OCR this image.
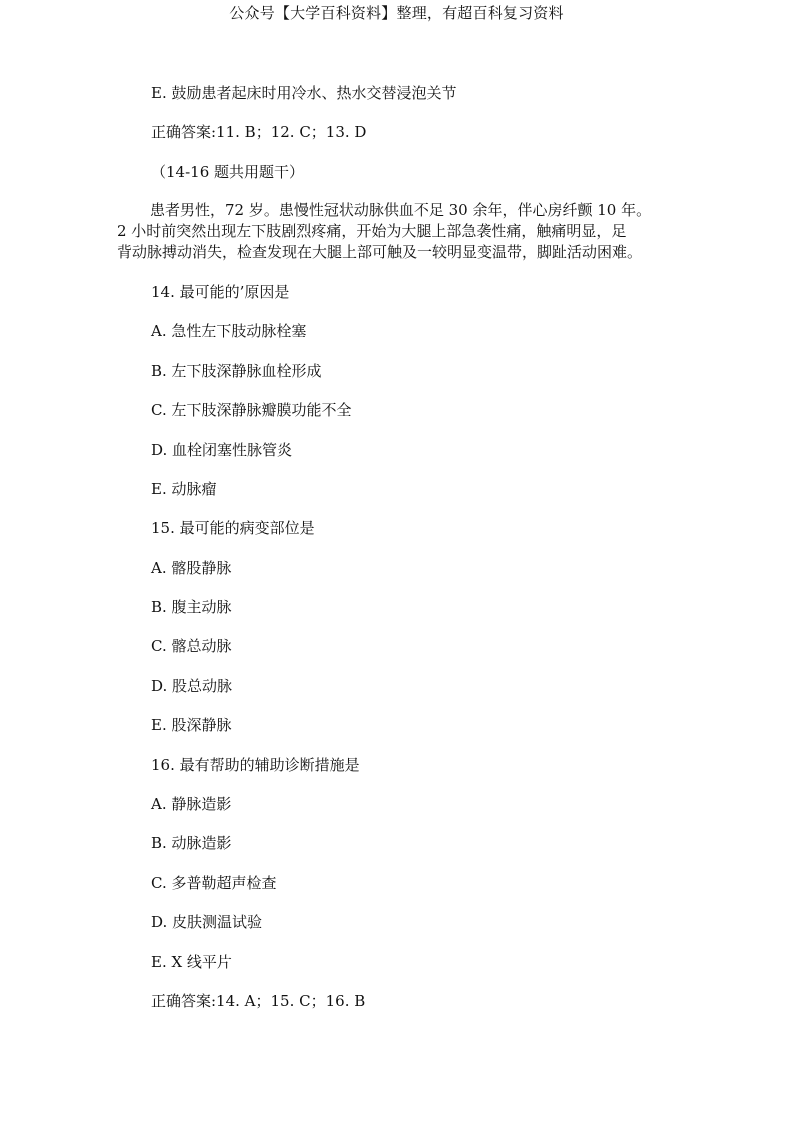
公众号【大学百科资料】整理，有超百科复习资料
E. 鼓励患者起床时用冷水、热水交替浸泡关节
正确答案:11. B；12. C；13. D
（14-16 题共用题干）
患者男性，72 岁。患慢性冠状动脉供血不足 30 余年，伴心房纤颤 10 年。
2 小时前突然出现左下肢剧烈疼痛，开始为大腿上部急袭性痛，触痛明显，足
背动脉搏动消失，检查发现在大腿上部可触及一较明显变温带，脚趾活动困难。
14. 最可能的’原因是
A. 急性左下肢动脉栓塞
B. 左下肢深静脉血栓形成
C. 左下肢深静脉瓣膜功能不全
D. 血栓闭塞性脉管炎
E. 动脉瘤
15. 最可能的病变部位是
A. 髂股静脉
B. 腹主动脉
C. 髂总动脉
D. 股总动脉
E. 股深静脉
16. 最有帮助的辅助诊断措施是
A. 静脉造影
B. 动脉造影
C. 多普勒超声检查
D. 皮肤测温试验
E. X 线平片
正确答案:14. A；15. C；16. B
